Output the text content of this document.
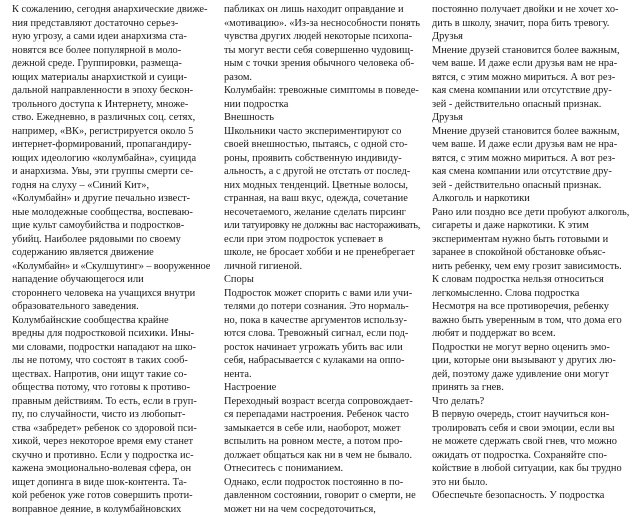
К сожалению, сегодня анархические движе-
ния представляют достаточно серьез-
ную угрозу, а сами идеи анархизма ста-
новятся все более популярной в моло-
дежной среде. Группировки, размеща-
ющих материалы анархисткой и суици-
дальной направленности в эпоху бескон-
трольного доступа к Интернету, множе-
ство. Ежедневно, в различных соц. сетях,
например, «ВК», регистрируется около 5
интернет-формирований, пропагандиру-
ющих идеологию «колумбайна», суицида
и анархизма. Увы, эти группы смерти се-
годня на слуху – «Синий Кит»,
«Колумбайн» и другие печально извест-
ные молодежные сообщества, воспеваю-
щие культ самоубийства и подростков-
убийц. Наиболее рядовыми по своему
содержанию является движение
«Колумбайн» и «Скулшутинг» – вооруженное
нападение обучающегося или
стороннего человека на учащихся внутри
образовательного заведения.
Колумбайнские сообщества крайне
вредны для подростковой психики. Ины-
ми словами, подростки нападают на шко-
лы не потому, что состоят в таких сооб-
ществах. Напротив, они ищут такие со-
общества потому, что готовы к противо-
правным действиям. То есть, если в груп-
пу, по случайности, чисто из любопыт-
ства «забредет» ребенок со здоровой пси-
хикой, через некоторое время ему станет
скучно и противно. Если у подростка ис-
кажена эмоционально-волевая сфера, он
ищет допинга в виде шок-контента. Та-
кой ребенок уже готов совершить проти-
воправное деяние, в колумбайновских
пабликах он лишь находит оправдание и
«мотивацию». «Из-за неснособности понять
чувства других людей некоторые психопа-
ты могут вести себя совершенно чудовищ-
ным с точки зрения обычного человека об-
разом.
Колумбайн: тревожные симптомы в поведе-
нии подростка
Внешность
Школьники часто экспериментируют со
своей внешностью, пытаясь, с одной сто-
роны, проявить собственную индивиду-
альность, а с другой не отстать от послед-
них модных тенденций. Цветные волосы,
странная, на ваш вкус, одежда, сочетание
несочетаемого, желание сделать пирсинг
или татуировку не должны вас настораживать,
если при этом подросток успевает в
школе, не бросает хобби и не пренебрегает
личной гигиеной.
Споры
Подросток может спорить с вами или учи-
телями до потери сознания. Это нормаль-
но, пока в качестве аргументов использу-
ются слова. Тревожный сигнал, если под-
росток начинает угрожать убить вас или
себя, набрасывается с кулаками на оппо-
нента.
Настроение
Переходный возраст всегда сопровождает-
ся перепадами настроения. Ребенок часто
замыкается в себе или, наоборот, может
вспылить на ровном месте, а потом про-
должает общаться как ни в чем не бывало.
Отнеситесь с пониманием.
Однако, если подросток постоянно в по-
давленном состоянии, говорит о смерти, не
может ни на чем сосредоточиться,
постоянно получает двойки и не хочет хо-
дить в школу, значит, пора бить тревогу.
Друзья
Мнение друзей становится более важным,
чем ваше. И даже если друзья вам не нра-
вятся, с этим можно мириться. А вот рез-
кая смена компании или отсутствие дру-
зей - действительно опасный признак.
Друзья
Мнение друзей становится более важным,
чем ваше. И даже если друзья вам не нра-
вятся, с этим можно мириться. А вот рез-
кая смена компании или отсутствие дру-
зей - действительно опасный признак.
Алкоголь и наркотики
Рано или поздно все дети пробуют алкоголь,
сигареты и даже наркотики. К этим
экспериментам нужно быть готовыми и
заранее в спокойной обстановке объяс-
нить ребенку, чем ему грозит зависимость.
К словам подростка нельзя относиться
легкомысленно. Слова подростка
Несмотря на все противоречия, ребенку
важно быть уверенным в том, что дома его
любят и поддержат во всем.
Подростки не могут верно оценить эмо-
ции, которые они вызывают у других лю-
дей, поэтому даже удивление они могут
принять за гнев.
Что делать?
В первую очередь, стоит научиться кон-
тролировать себя и свои эмоции, если вы
не можете сдержать свой гнев, что можно
ожидать от подростка. Сохраняйте спо-
койствие в любой ситуации, как бы трудно
это ни было.
Обеспечьте безопасность. У подростка
